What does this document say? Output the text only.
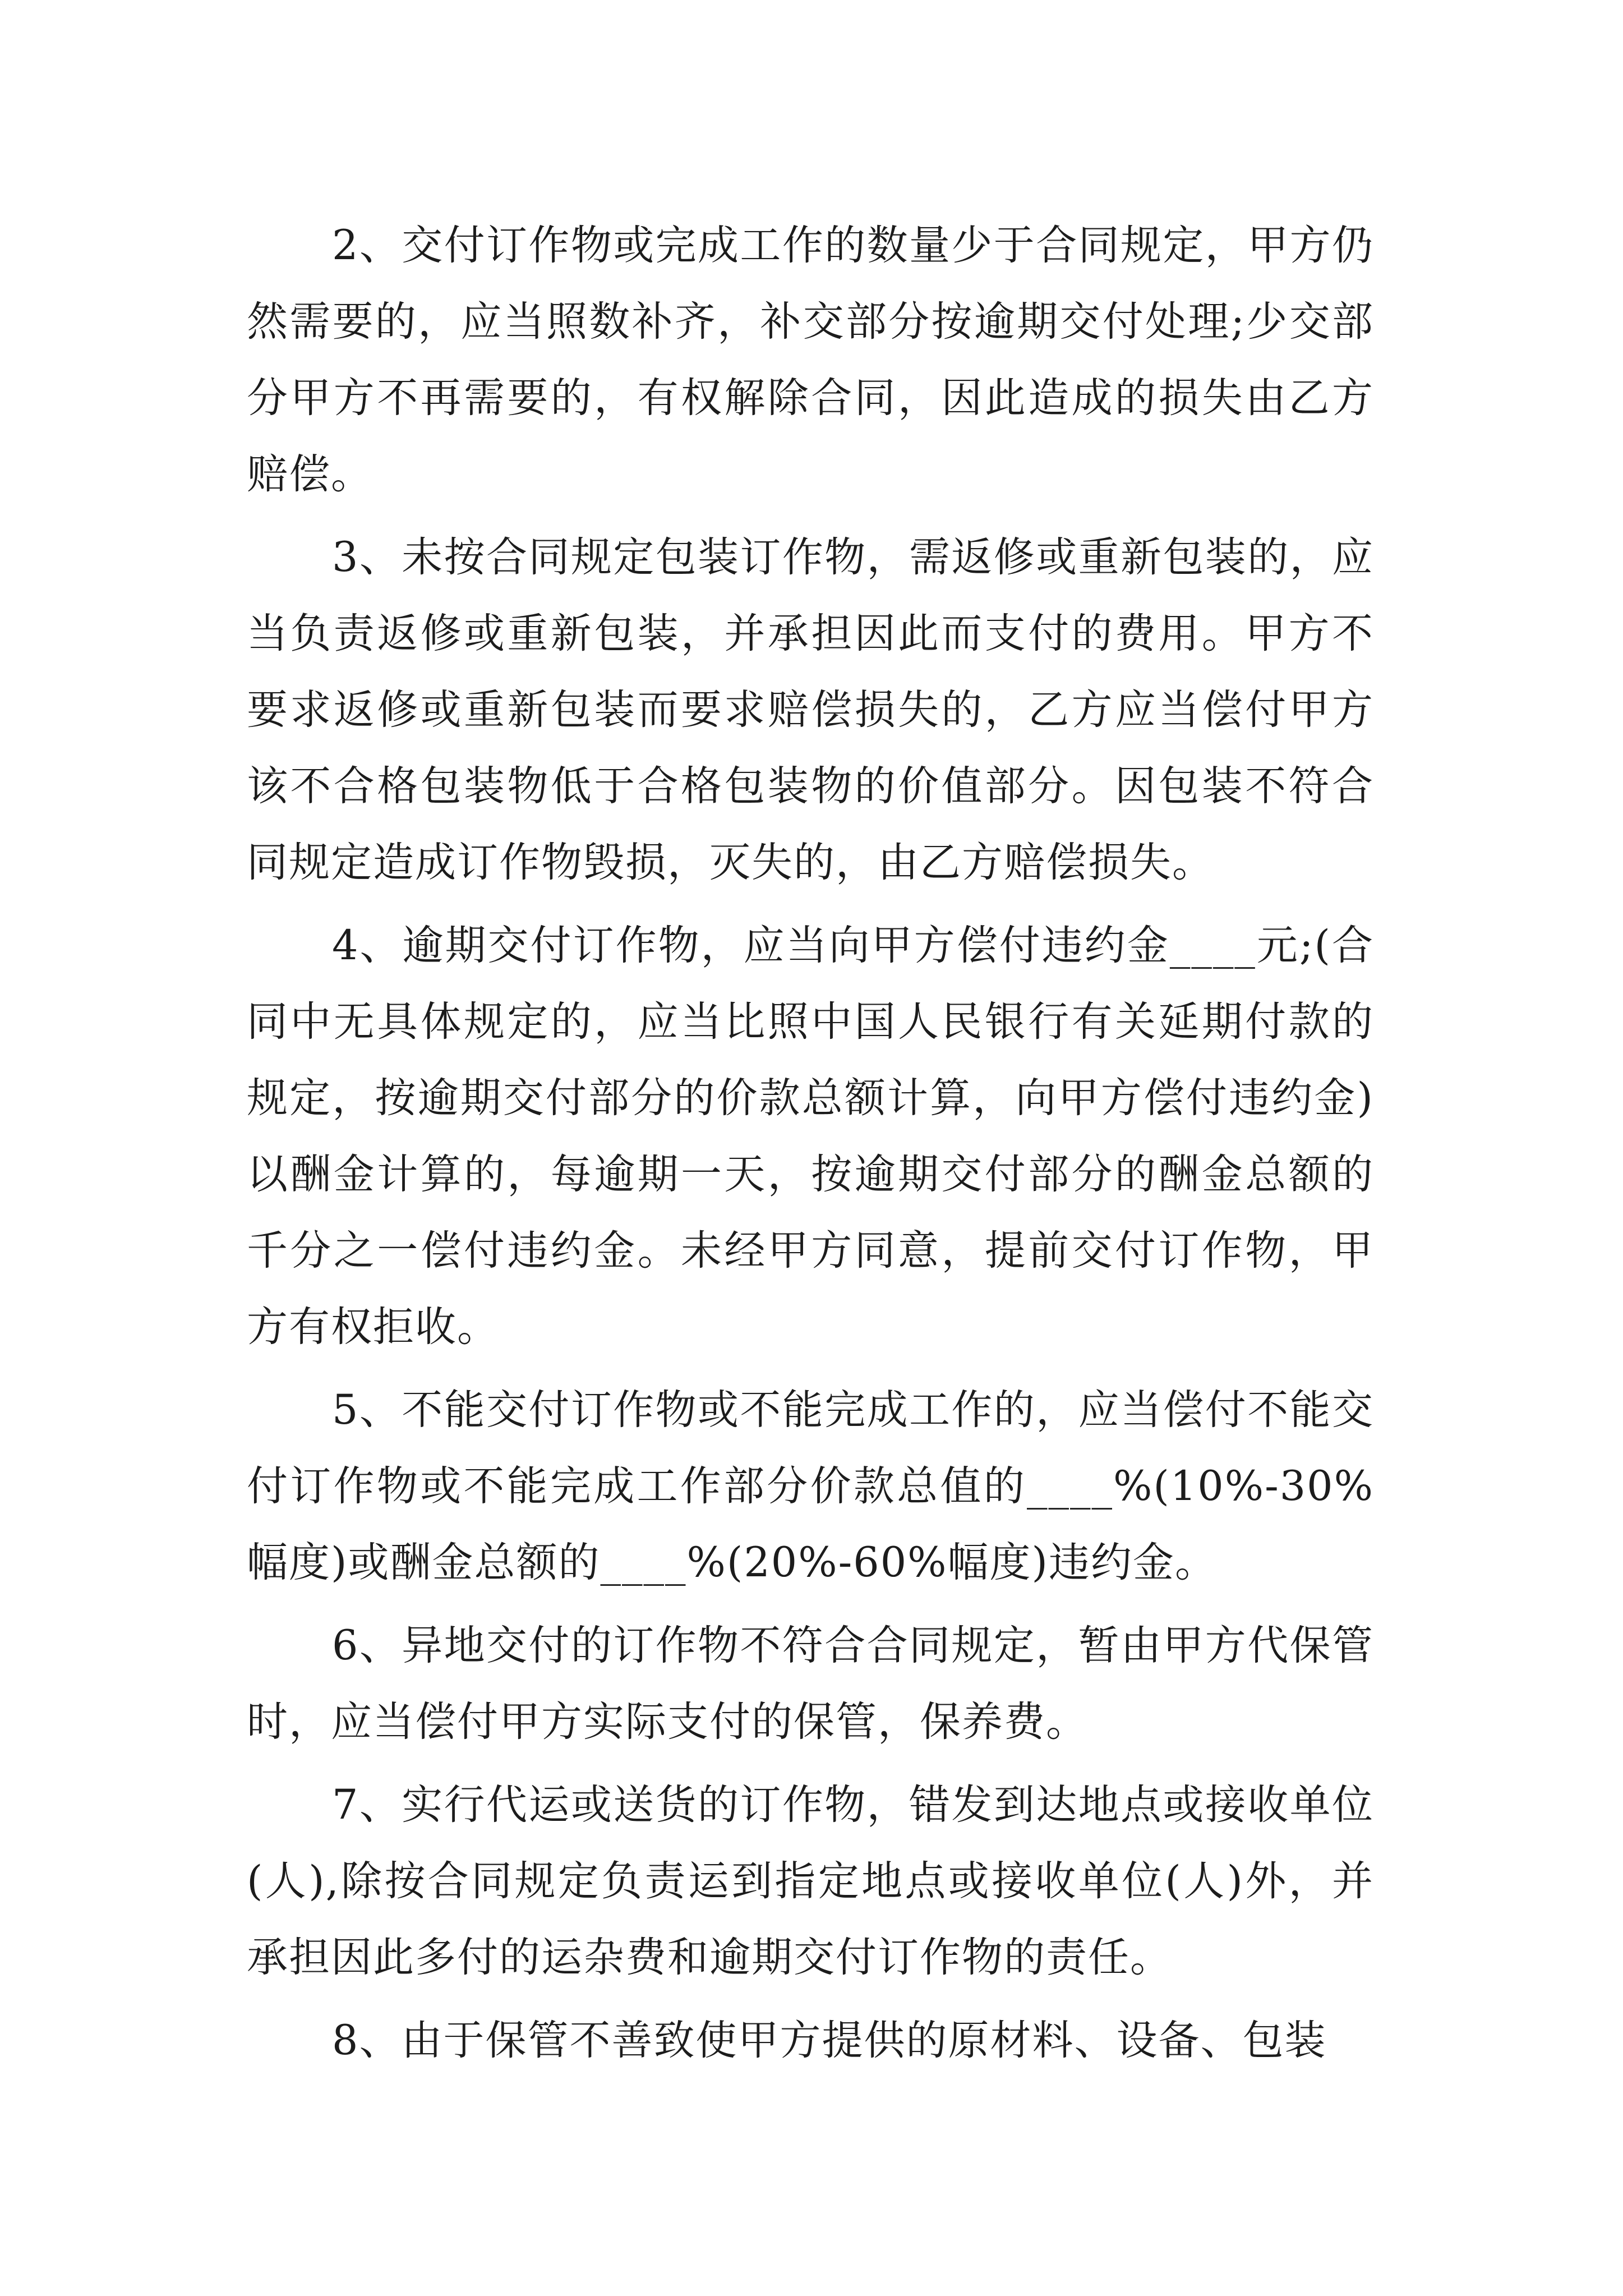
2、交付订作物或完成工作的数量少于合同规定，甲方仍然需要的，应当照数补齐，补交部分按逾期交付处理;少交部分甲方不再需要的，有权解除合同，因此造成的损失由乙方赔偿。

3、未按合同规定包装订作物，需返修或重新包装的，应当负责返修或重新包装，并承担因此而支付的费用。甲方不要求返修或重新包装而要求赔偿损失的，乙方应当偿付甲方该不合格包装物低于合格包装物的价值部分。因包装不符合同规定造成订作物毁损，灭失的，由乙方赔偿损失。

4、逾期交付订作物，应当向甲方偿付违约金____元;(合同中无具体规定的，应当比照中国人民银行有关延期付款的规定，按逾期交付部分的价款总额计算，向甲方偿付违约金)以酬金计算的，每逾期一天，按逾期交付部分的酬金总额的千分之一偿付违约金。未经甲方同意，提前交付订作物，甲方有权拒收。

5、不能交付订作物或不能完成工作的，应当偿付不能交付订作物或不能完成工作部分价款总值的____%(10%-30%幅度)或酬金总额的____%(20%-60%幅度)违约金。

6、异地交付的订作物不符合合同规定，暂由甲方代保管时，应当偿付甲方实际支付的保管，保养费。

7、实行代运或送货的订作物，错发到达地点或接收单位(人),除按合同规定负责运到指定地点或接收单位(人)外，并承担因此多付的运杂费和逾期交付订作物的责任。

8、由于保管不善致使甲方提供的原材料、设备、包装
